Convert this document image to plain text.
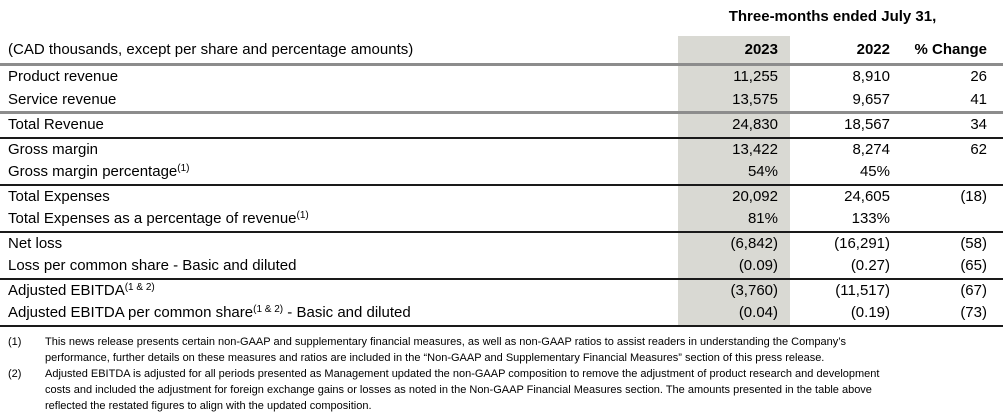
Three-months ended July 31,
(CAD thousands, except per share and percentage amounts)	2023	2022	% Change
Product revenue	11,255	8,910	26
Service revenue	13,575	9,657	41
Total Revenue	24,830	18,567	34
Gross margin	13,422	8,274	62
Gross margin percentage$^{(1)}$	54%	45%
Total Expenses	20,092	24,605	(18)
Total Expenses as a percentage of revenue$^{(1)}$	81%	133%
Net loss	(6,842)	(16,291)	(58)
Loss per common share - Basic and diluted	(0.09)	(0.27)	(65)
Adjusted $EBITDA^{(1 \& 2)}$	(3,760)	(11,517)	(67)
Adjusted EBITDA per common share$^{(1 \& 2)}$ - Basic and diluted	(0.04)	(0.19)	(73)
(1)	This news release presents certain non-GAAP and supplementary financial measures, as well as non-GAAP ratios to assist readers in understanding the Company’s
performance, further details on these measures and ratios are included in the “Non-GAAP and Supplementary Financial Measures” section of this press release.
(2)	Adjusted EBITDA is adjusted for all periods presented as Management updated the non-GAAP composition to remove the adjustment of product research and development
costs and included the adjustment for foreign exchange gains or losses as noted in the Non-GAAP Financial Measures section. The amounts presented in the table above
reflected the restated figures to align with the updated composition.
